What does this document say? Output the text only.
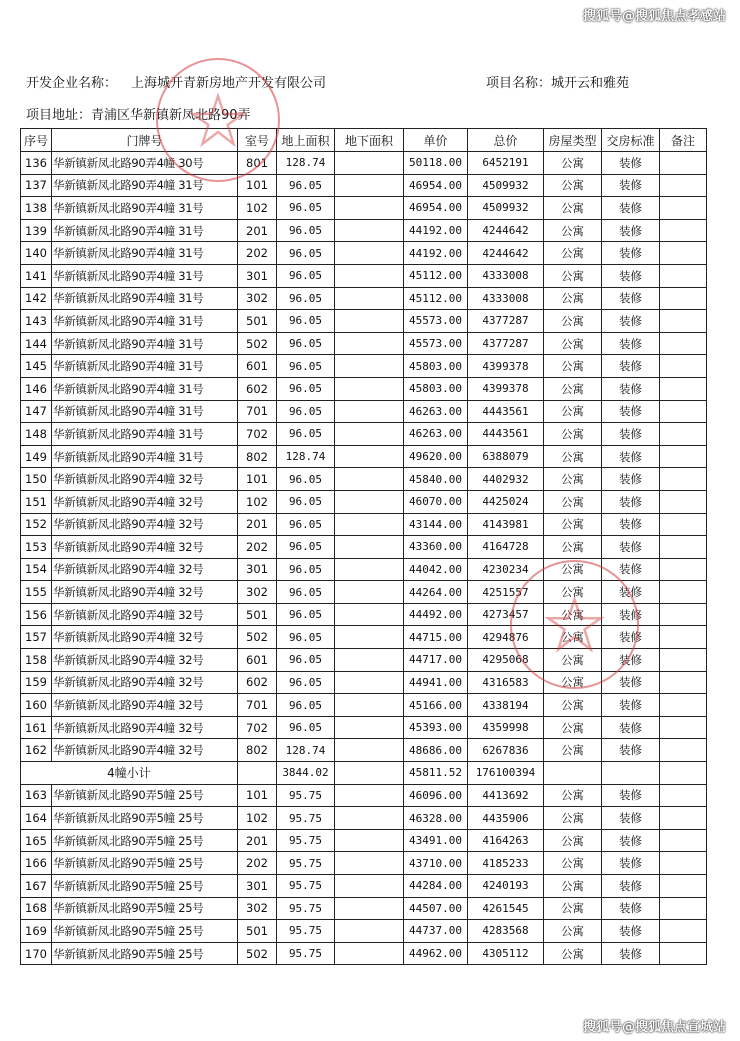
搜狐号@搜狐焦点孝感站
开发企业名称： 上海城开青新房地产开发有限公司	项目名称：城开云和雅苑
项目地址：青浦区华新镇新凤北路90弄
序号	门牌号	室号	地上面积	地下面积	单价	总价	房屋类型	交房标准	备注
136	华新镇新凤北路90弄4幢 30号	801	128.74		50118.00	6452191	公寓	装修	
137	华新镇新凤北路90弄4幢 31号	101	96.05		46954.00	4509932	公寓	装修	
138	华新镇新凤北路90弄4幢 31号	102	96.05		46954.00	4509932	公寓	装修	
139	华新镇新凤北路90弄4幢 31号	201	96.05		44192.00	4244642	公寓	装修	
140	华新镇新凤北路90弄4幢 31号	202	96.05		44192.00	4244642	公寓	装修	
141	华新镇新凤北路90弄4幢 31号	301	96.05		45112.00	4333008	公寓	装修	
142	华新镇新凤北路90弄4幢 31号	302	96.05		45112.00	4333008	公寓	装修	
143	华新镇新凤北路90弄4幢 31号	501	96.05		45573.00	4377287	公寓	装修	
144	华新镇新凤北路90弄4幢 31号	502	96.05		45573.00	4377287	公寓	装修	
145	华新镇新凤北路90弄4幢 31号	601	96.05		45803.00	4399378	公寓	装修	
146	华新镇新凤北路90弄4幢 31号	602	96.05		45803.00	4399378	公寓	装修	
147	华新镇新凤北路90弄4幢 31号	701	96.05		46263.00	4443561	公寓	装修	
148	华新镇新凤北路90弄4幢 31号	702	96.05		46263.00	4443561	公寓	装修	
149	华新镇新凤北路90弄4幢 31号	802	128.74		49620.00	6388079	公寓	装修	
150	华新镇新凤北路90弄4幢 32号	101	96.05		45840.00	4402932	公寓	装修	
151	华新镇新凤北路90弄4幢 32号	102	96.05		46070.00	4425024	公寓	装修	
152	华新镇新凤北路90弄4幢 32号	201	96.05		43144.00	4143981	公寓	装修	
153	华新镇新凤北路90弄4幢 32号	202	96.05		43360.00	4164728	公寓	装修	
154	华新镇新凤北路90弄4幢 32号	301	96.05		44042.00	4230234	公寓	装修	
155	华新镇新凤北路90弄4幢 32号	302	96.05		44264.00	4251557	公寓	装修	
156	华新镇新凤北路90弄4幢 32号	501	96.05		44492.00	4273457	公寓	装修	
157	华新镇新凤北路90弄4幢 32号	502	96.05		44715.00	4294876	公寓	装修	
158	华新镇新凤北路90弄4幢 32号	601	96.05		44717.00	4295068	公寓	装修	
159	华新镇新凤北路90弄4幢 32号	602	96.05		44941.00	4316583	公寓	装修	
160	华新镇新凤北路90弄4幢 32号	701	96.05		45166.00	4338194	公寓	装修	
161	华新镇新凤北路90弄4幢 32号	702	96.05		45393.00	4359998	公寓	装修	
162	华新镇新凤北路90弄4幢 32号	802	128.74		48686.00	6267836	公寓	装修	
4幢小计			3844.02		45811.52	176100394			
163	华新镇新凤北路90弄5幢 25号	101	95.75		46096.00	4413692	公寓	装修	
164	华新镇新凤北路90弄5幢 25号	102	95.75		46328.00	4435906	公寓	装修	
165	华新镇新凤北路90弄5幢 25号	201	95.75		43491.00	4164263	公寓	装修	
166	华新镇新凤北路90弄5幢 25号	202	95.75		43710.00	4185233	公寓	装修	
167	华新镇新凤北路90弄5幢 25号	301	95.75		44284.00	4240193	公寓	装修	
168	华新镇新凤北路90弄5幢 25号	302	95.75		44507.00	4261545	公寓	装修	
169	华新镇新凤北路90弄5幢 25号	501	95.75		44737.00	4283568	公寓	装修	
170	华新镇新凤北路90弄5幢 25号	502	95.75		44962.00	4305112	公寓	装修	
搜狐号@搜狐焦点宣城站
